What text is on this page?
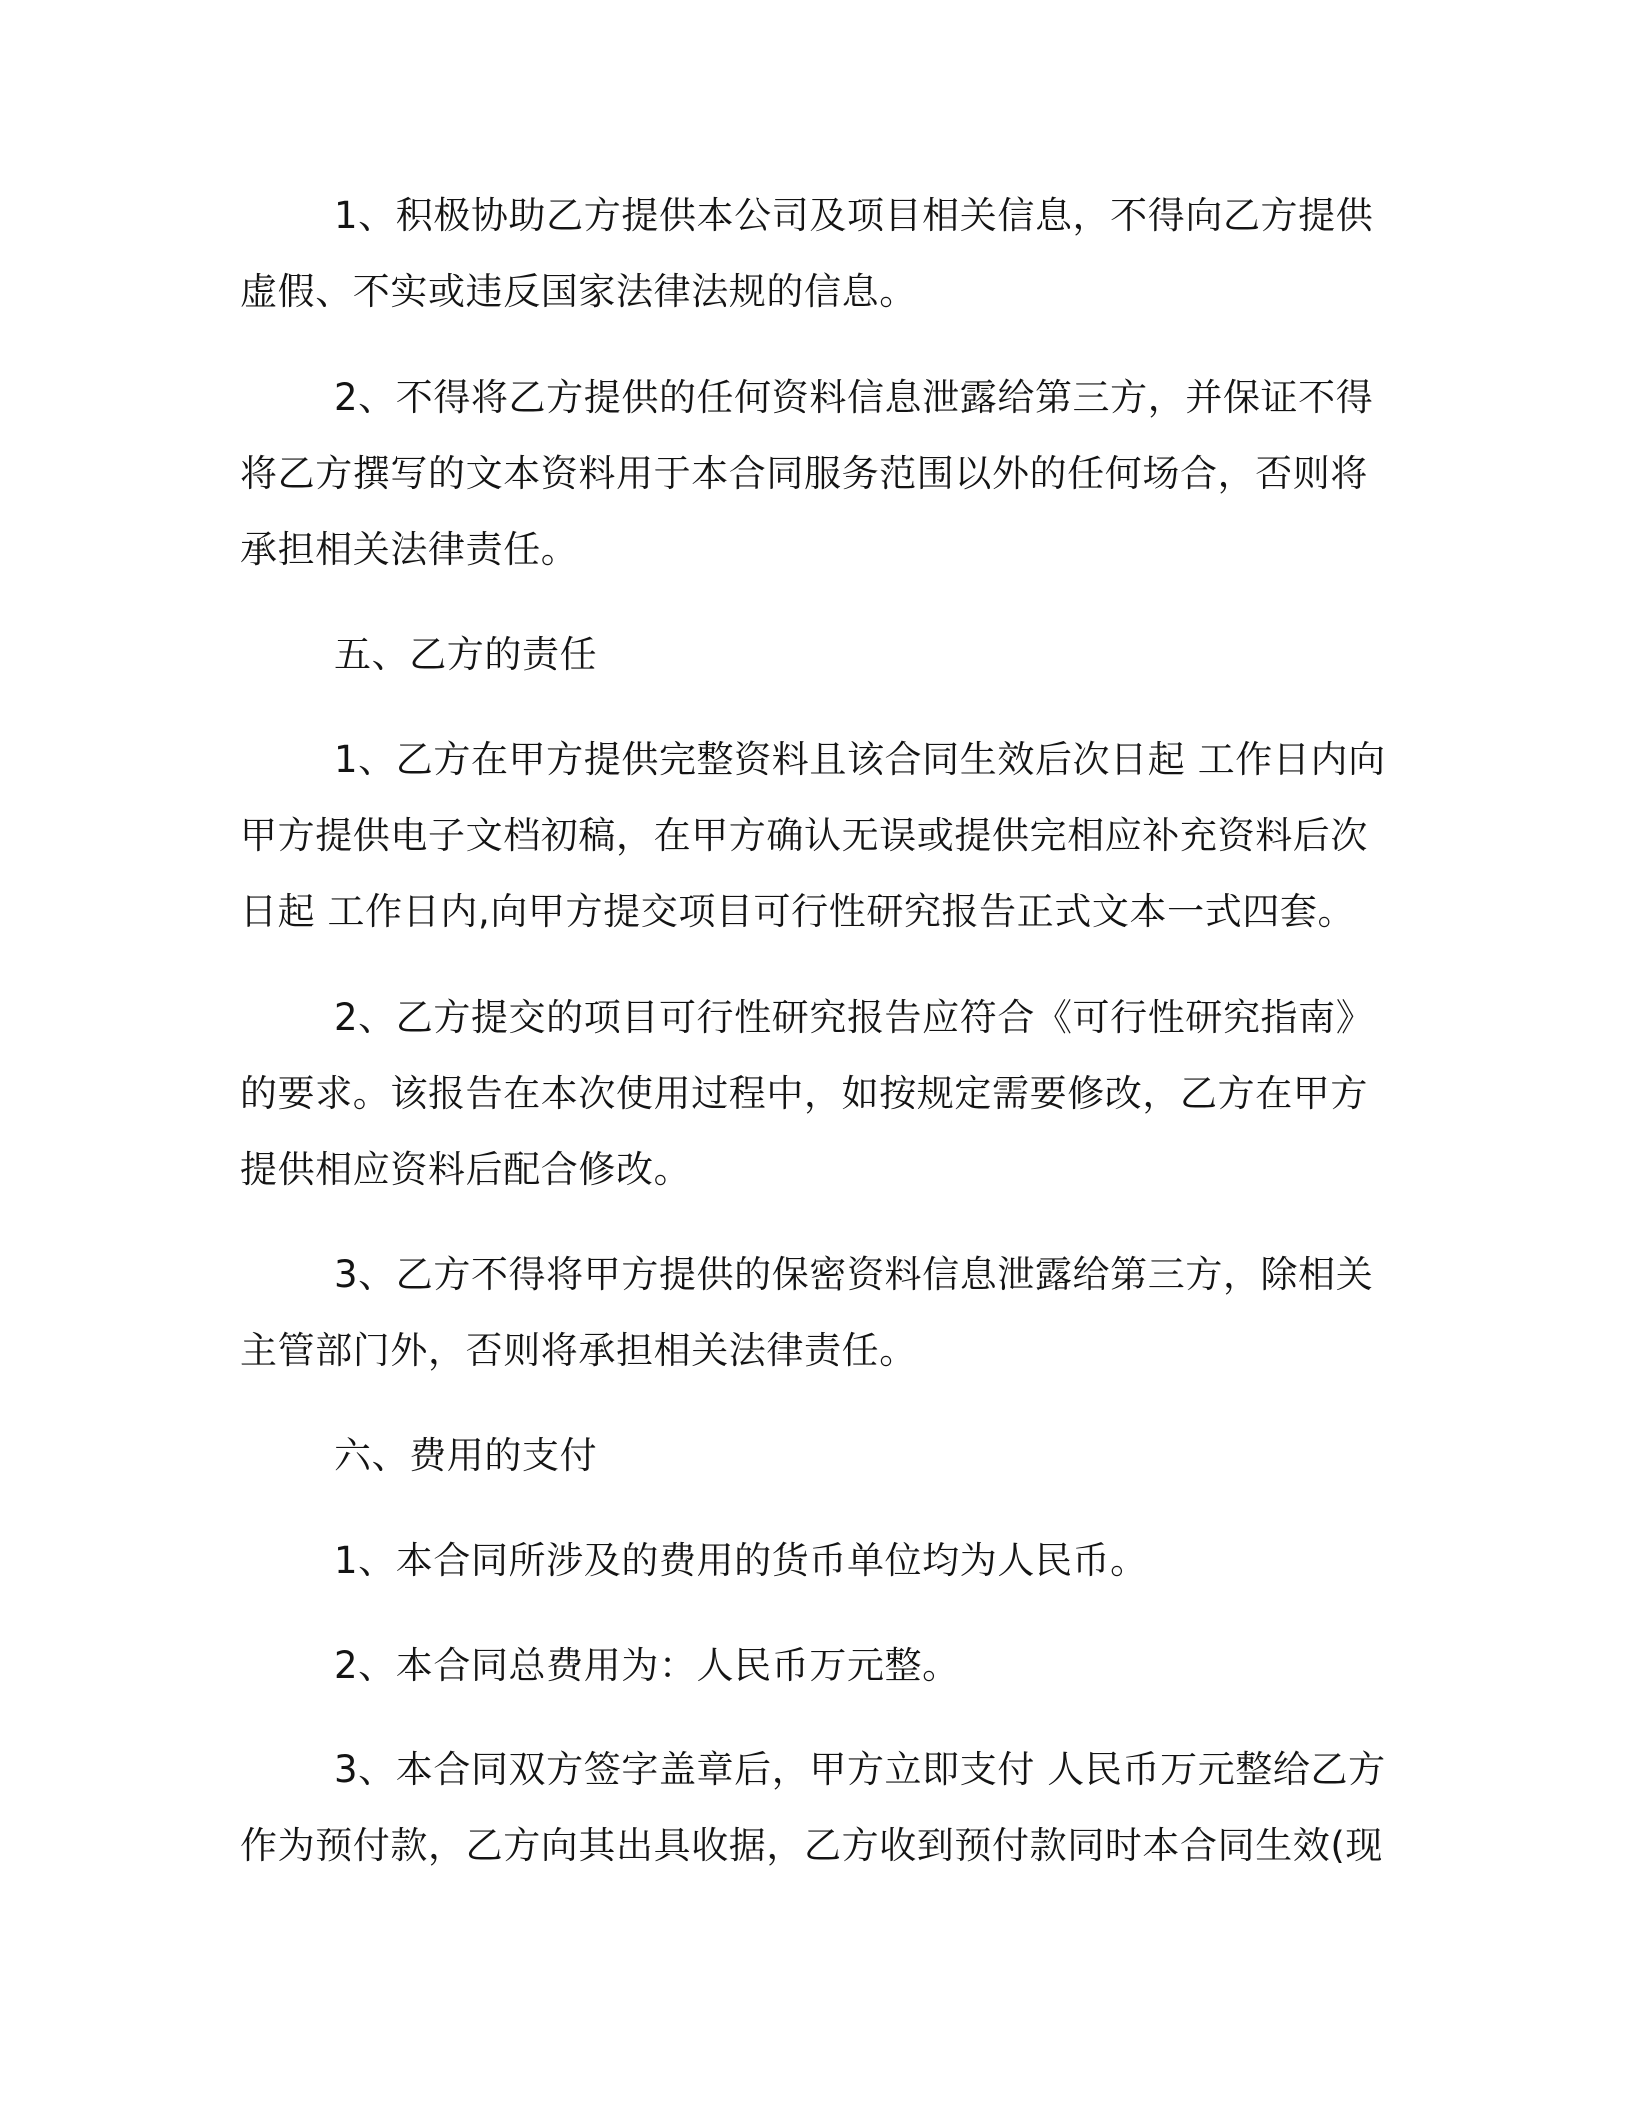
1、积极协助乙方提供本公司及项目相关信息，不得向乙方提供
虚假、不实或违反国家法律法规的信息。
2、不得将乙方提供的任何资料信息泄露给第三方，并保证不得
将乙方撰写的文本资料用于本合同服务范围以外的任何场合，否则将
承担相关法律责任。
五、乙方的责任
1、乙方在甲方提供完整资料且该合同生效后次日起 工作日内向
甲方提供电子文档初稿，在甲方确认无误或提供完相应补充资料后次
日起 工作日内,向甲方提交项目可行性研究报告正式文本一式四套。
2、乙方提交的项目可行性研究报告应符合《可行性研究指南》
的要求。该报告在本次使用过程中，如按规定需要修改，乙方在甲方
提供相应资料后配合修改。
3、乙方不得将甲方提供的保密资料信息泄露给第三方，除相关
主管部门外，否则将承担相关法律责任。
六、费用的支付
1、本合同所涉及的费用的货币单位均为人民币。
2、本合同总费用为：人民币万元整。
3、本合同双方签字盖章后，甲方立即支付 人民币万元整给乙方
作为预付款，乙方向其出具收据，乙方收到预付款同时本合同生效(现
